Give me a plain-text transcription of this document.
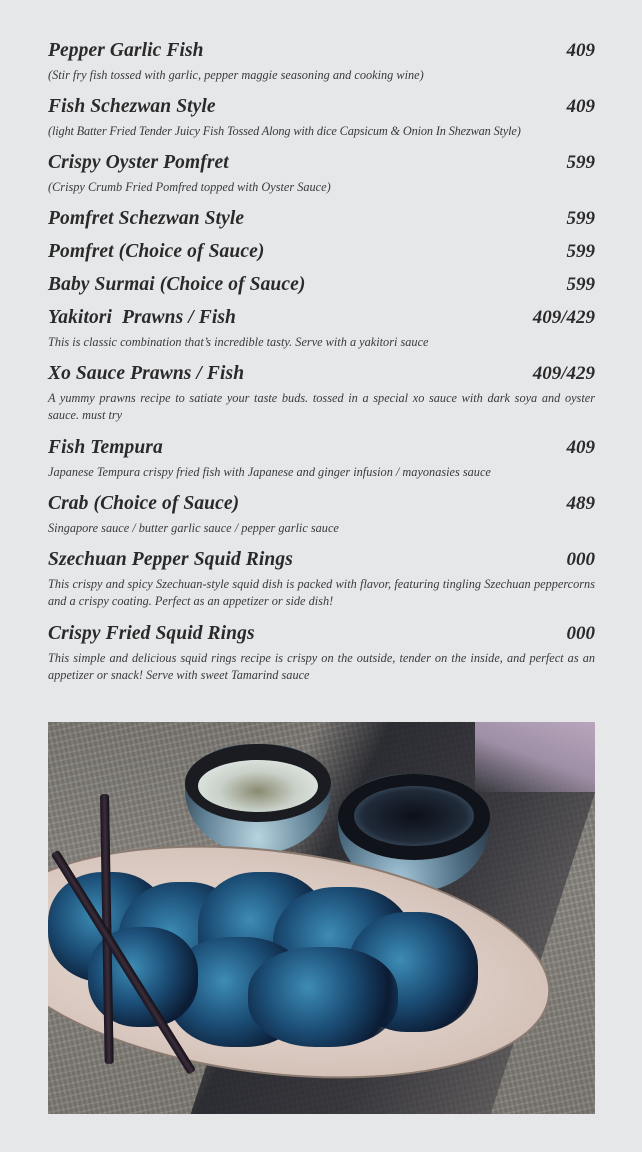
Pepper Garlic Fish	409
(Stir fry fish tossed with garlic, pepper maggie seasoning and cooking wine)
Fish Schezwan Style	409
(light Batter Fried Tender Juicy Fish Tossed Along with dice Capsicum & Onion In Shezwan Style)
Crispy Oyster Pomfret	599
(Crispy Crumb Fried Pomfred topped with Oyster Sauce)
Pomfret Schezwan Style	599
Pomfret (Choice of Sauce)	599
Baby Surmai (Choice of Sauce)	599
Yakitori  Prawns / Fish	409/429
This is classic combination that’s incredible tasty. Serve with a yakitori sauce
Xo Sauce Prawns / Fish	409/429
A yummy prawns recipe to satiate your taste buds. tossed in a special xo sauce with dark soya and oyster sauce. must try
Fish Tempura	409
Japanese Tempura crispy fried fish with Japanese and ginger infusion / mayonasies sauce
Crab (Choice of Sauce)	489
Singapore sauce / butter garlic sauce / pepper garlic sauce
Szechuan Pepper Squid Rings	000
This crispy and spicy Szechuan-style squid dish is packed with flavor, featuring tingling Szechuan peppercorns and a crispy coating. Perfect as an appetizer or side dish!
Crispy Fried Squid Rings	000
This simple and delicious squid rings recipe is crispy on the outside, tender on the inside, and perfect as an appetizer or snack! Serve with sweet Tamarind sauce
